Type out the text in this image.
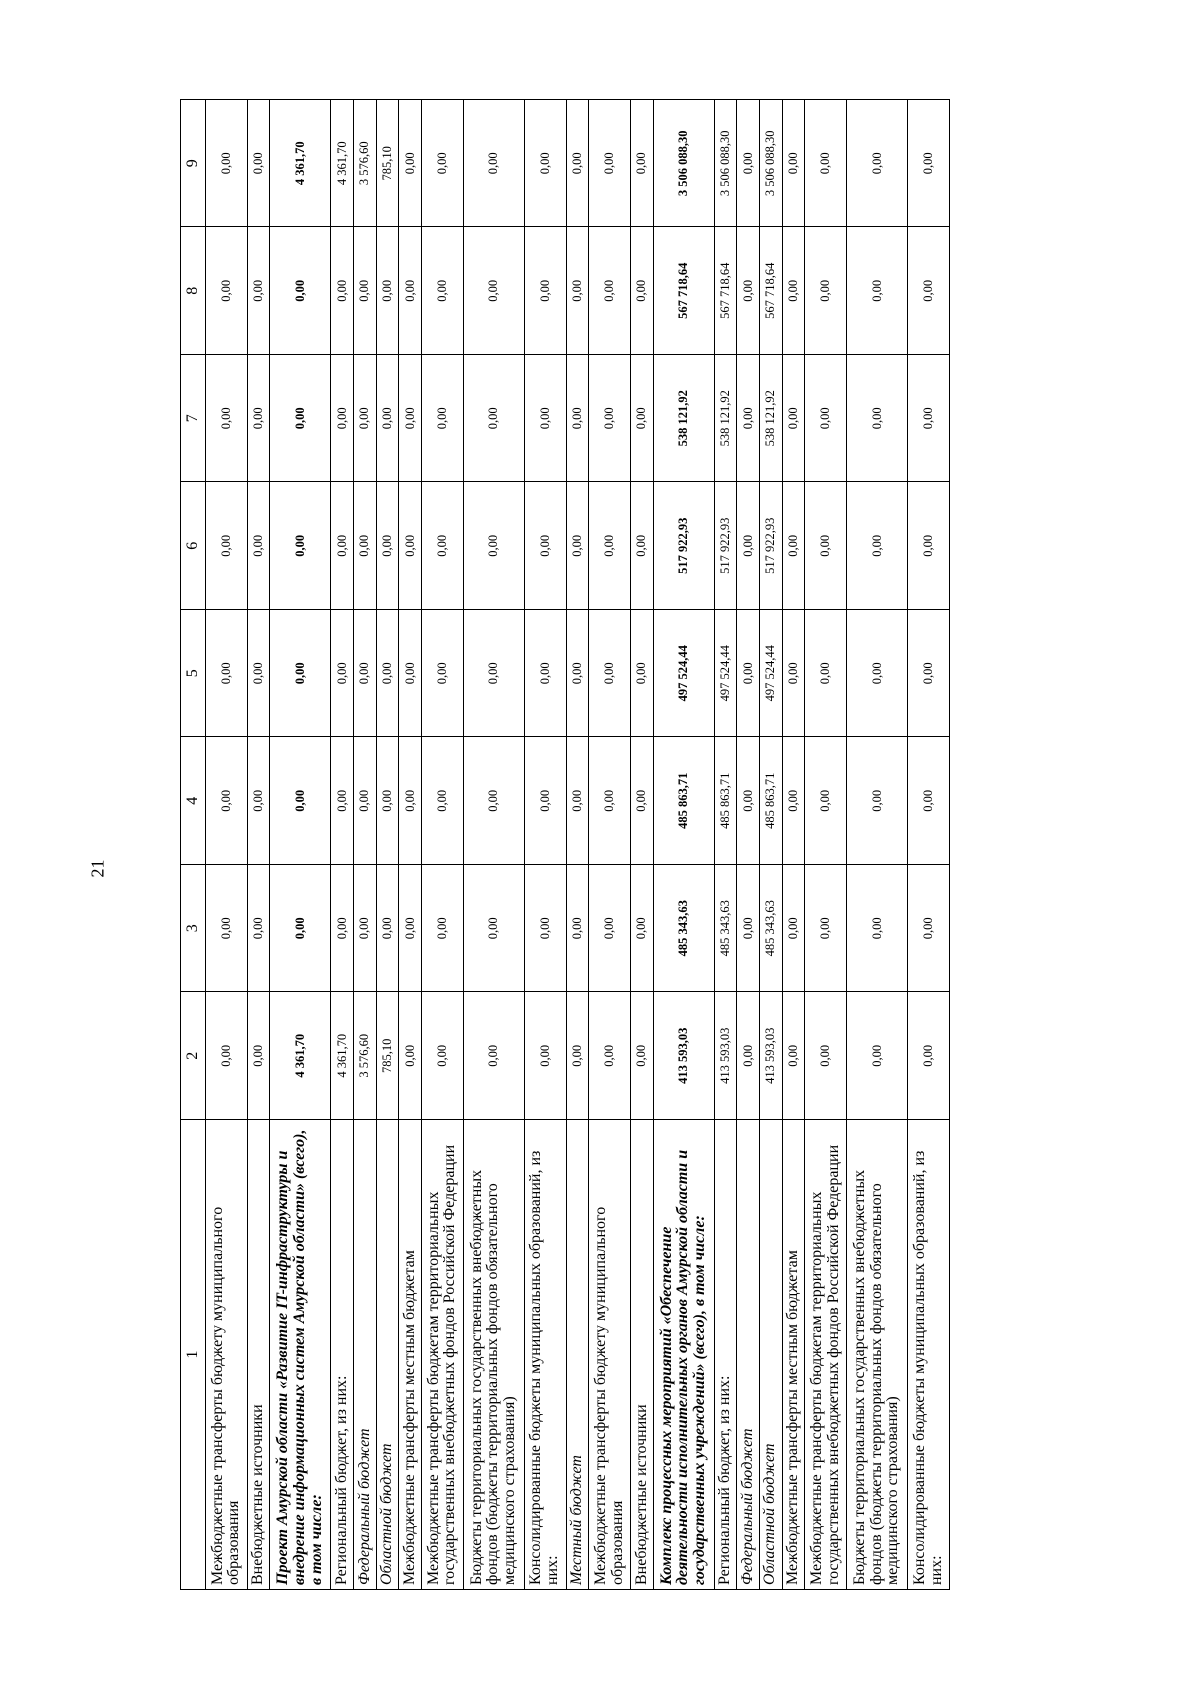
21
1	2	3	4	5	6	7	8	9
Межбюджетные трансферты бюджету муниципального образования	0,00	0,00	0,00	0,00	0,00	0,00	0,00	0,00
Внебюджетные источники	0,00	0,00	0,00	0,00	0,00	0,00	0,00	0,00
Проект Амурской области «Развитие IT-инфраструктуры и внедрение информационных систем Амурской области» (всего), в том числе:	4 361,70	0,00	0,00	0,00	0,00	0,00	0,00	4 361,70
Региональный бюджет, из них:	4 361,70	0,00	0,00	0,00	0,00	0,00	0,00	4 361,70
Федеральный бюджет	3 576,60	0,00	0,00	0,00	0,00	0,00	0,00	3 576,60
Областной бюджет	785,10	0,00	0,00	0,00	0,00	0,00	0,00	785,10
Межбюджетные трансферты местным бюджетам	0,00	0,00	0,00	0,00	0,00	0,00	0,00	0,00
Межбюджетные трансферты бюджетам территориальных государственных внебюджетных фондов Российской Федерации	0,00	0,00	0,00	0,00	0,00	0,00	0,00	0,00
Бюджеты территориальных государственных внебюджетных фондов (бюджеты территориальных фондов обязательного медицинского страхования)	0,00	0,00	0,00	0,00	0,00	0,00	0,00	0,00
Консолидированные бюджеты муниципальных образований, из них:	0,00	0,00	0,00	0,00	0,00	0,00	0,00	0,00
Местный бюджет	0,00	0,00	0,00	0,00	0,00	0,00	0,00	0,00
Межбюджетные трансферты бюджету муниципального образования	0,00	0,00	0,00	0,00	0,00	0,00	0,00	0,00
Внебюджетные источники	0,00	0,00	0,00	0,00	0,00	0,00	0,00	0,00
Комплекс процессных мероприятий «Обеспечение деятельности исполнительных органов Амурской области и государственных учреждений» (всего), в том числе:	413 593,03	485 343,63	485 863,71	497 524,44	517 922,93	538 121,92	567 718,64	3 506 088,30
Региональный бюджет, из них:	413 593,03	485 343,63	485 863,71	497 524,44	517 922,93	538 121,92	567 718,64	3 506 088,30
Федеральный бюджет	0,00	0,00	0,00	0,00	0,00	0,00	0,00	0,00
Областной бюджет	413 593,03	485 343,63	485 863,71	497 524,44	517 922,93	538 121,92	567 718,64	3 506 088,30
Межбюджетные трансферты местным бюджетам	0,00	0,00	0,00	0,00	0,00	0,00	0,00	0,00
Межбюджетные трансферты бюджетам территориальных государственных внебюджетных фондов Российской Федерации	0,00	0,00	0,00	0,00	0,00	0,00	0,00	0,00
Бюджеты территориальных государственных внебюджетных фондов (бюджеты территориальных фондов обязательного медицинского страхования)	0,00	0,00	0,00	0,00	0,00	0,00	0,00	0,00
Консолидированные бюджеты муниципальных образований, из них:	0,00	0,00	0,00	0,00	0,00	0,00	0,00	0,00
